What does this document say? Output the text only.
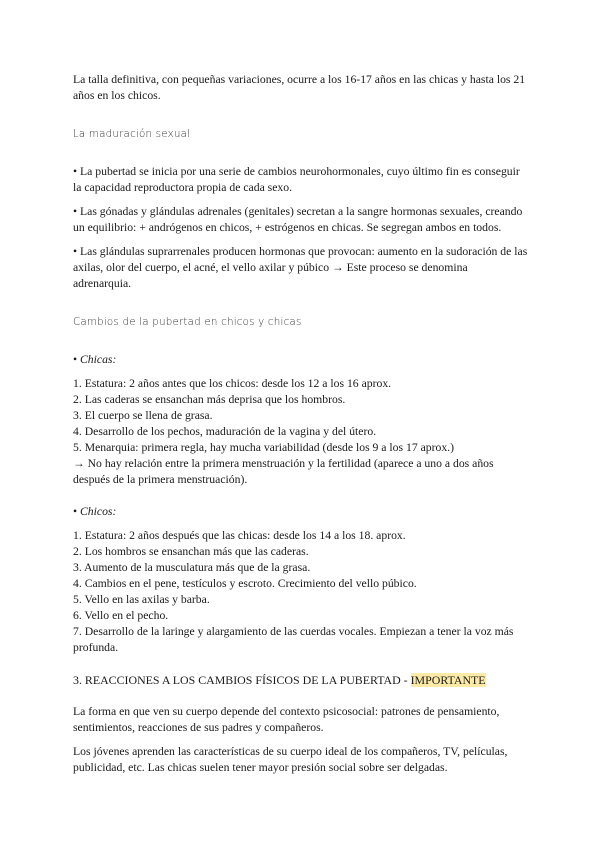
La talla definitiva, con pequeñas variaciones, ocurre a los 16-17 años en las chicas y hasta los 21 años en los chicos.

La maduración sexual

• La pubertad se inicia por una serie de cambios neurohormonales, cuyo último fin es conseguir la capacidad reproductora propia de cada sexo.

• Las gónadas y glándulas adrenales (genitales) secretan a la sangre hormonas sexuales, creando un equilibrio: + andrógenos en chicos, + estrógenos en chicas. Se segregan ambos en todos.

• Las glándulas suprarrenales producen hormonas que provocan: aumento en la sudoración de las axilas, olor del cuerpo, el acné, el vello axilar y púbico → Este proceso se denomina adrenarquia.

Cambios de la pubertad en chicos y chicas

• Chicas:

1. Estatura: 2 años antes que los chicos: desde los 12 a los 16 aprox.

2. Las caderas se ensanchan más deprisa que los hombros.

3. El cuerpo se llena de grasa.

4. Desarrollo de los pechos, maduración de la vagina y del útero.

5. Menarquia: primera regla, hay mucha variabilidad (desde los 9 a los 17 aprox.)

→ No hay relación entre la primera menstruación y la fertilidad (aparece a uno a dos años después de la primera menstruación).

• Chicos:

1. Estatura: 2 años después que las chicas: desde los 14 a los 18. aprox.

2. Los hombros se ensanchan más que las caderas.

3. Aumento de la musculatura más que de la grasa.

4. Cambios en el pene, testículos y escroto. Crecimiento del vello púbico.

5. Vello en las axilas y barba.

6. Vello en el pecho.

7. Desarrollo de la laringe y alargamiento de las cuerdas vocales. Empiezan a tener la voz más profunda.

3. REACCIONES A LOS CAMBIOS FÍSICOS DE LA PUBERTAD - IMPORTANTE

La forma en que ven su cuerpo depende del contexto psicosocial: patrones de pensamiento, sentimientos, reacciones de sus padres y compañeros.

Los jóvenes aprenden las características de su cuerpo ideal de los compañeros, TV, películas, publicidad, etc. Las chicas suelen tener mayor presión social sobre ser delgadas.
